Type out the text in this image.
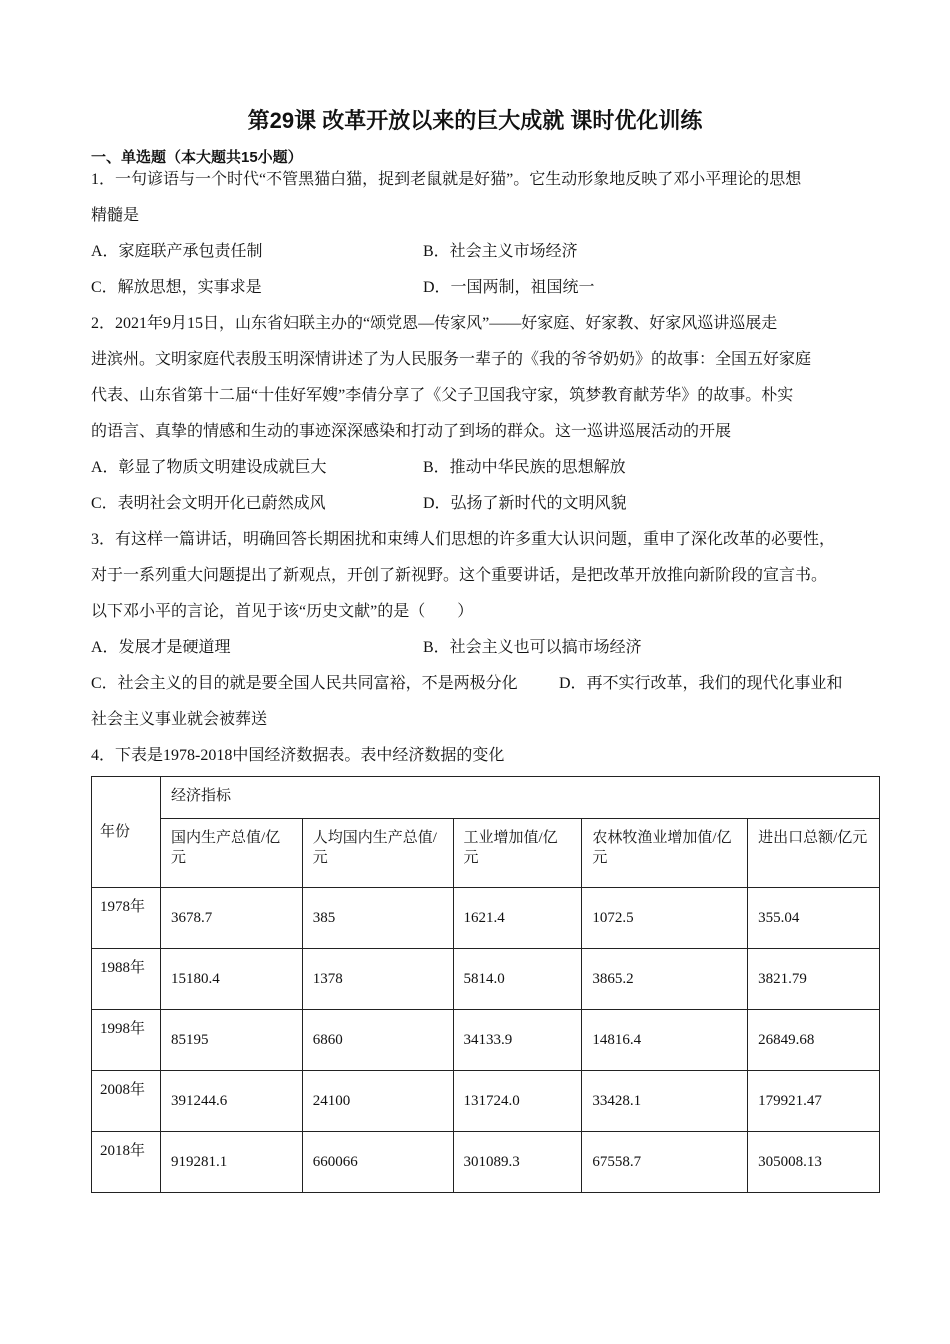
第29课 改革开放以来的巨大成就 课时优化训练
一、单选题（本大题共15小题）
1．一句谚语与一个时代“不管黑猫白猫，捉到老鼠就是好猫”。它生动形象地反映了邓小平理论的思想
精髓是
A．家庭联产承包责任制	B．社会主义市场经济
C．解放思想，实事求是	D．一国两制，祖国统一
2．2021年9月15日，山东省妇联主办的“颂党恩—传家风”——好家庭、好家教、好家风巡讲巡展走
进滨州。文明家庭代表殷玉明深情讲述了为人民服务一辈子的《我的爷爷奶奶》的故事：全国五好家庭
代表、山东省第十二届“十佳好军嫂”李倩分享了《父子卫国我守家，筑梦教育献芳华》的故事。朴实
的语言、真挚的情感和生动的事迹深深感染和打动了到场的群众。这一巡讲巡展活动的开展
A．彰显了物质文明建设成就巨大	B．推动中华民族的思想解放
C．表明社会文明开化已蔚然成风	D．弘扬了新时代的文明风貌
3．有这样一篇讲话，明确回答长期困扰和束缚人们思想的许多重大认识问题，重申了深化改革的必要性，
对于一系列重大问题提出了新观点，开创了新视野。这个重要讲话，是把改革开放推向新阶段的宣言书。
以下邓小平的言论，首见于该“历史文献”的是（　　）
A．发展才是硬道理	B．社会主义也可以搞市场经济
C．社会主义的目的就是要全国人民共同富裕，不是两极分化	D．再不实行改革，我们的现代化事业和
社会主义事业就会被葬送
4．下表是1978-2018中国经济数据表。表中经济数据的变化
年份	经济指标				
	国内生产总值/亿元	人均国内生产总值/元	工业增加值/亿元	农林牧渔业增加值/亿元	进出口总额/亿元
1978年	3678.7	385	1621.4	1072.5	355.04
1988年	15180.4	1378	5814.0	3865.2	3821.79
1998年	85195	6860	34133.9	14816.4	26849.68
2008年	391244.6	24100	131724.0	33428.1	179921.47
2018年	919281.1	660066	301089.3	67558.7	305008.13
